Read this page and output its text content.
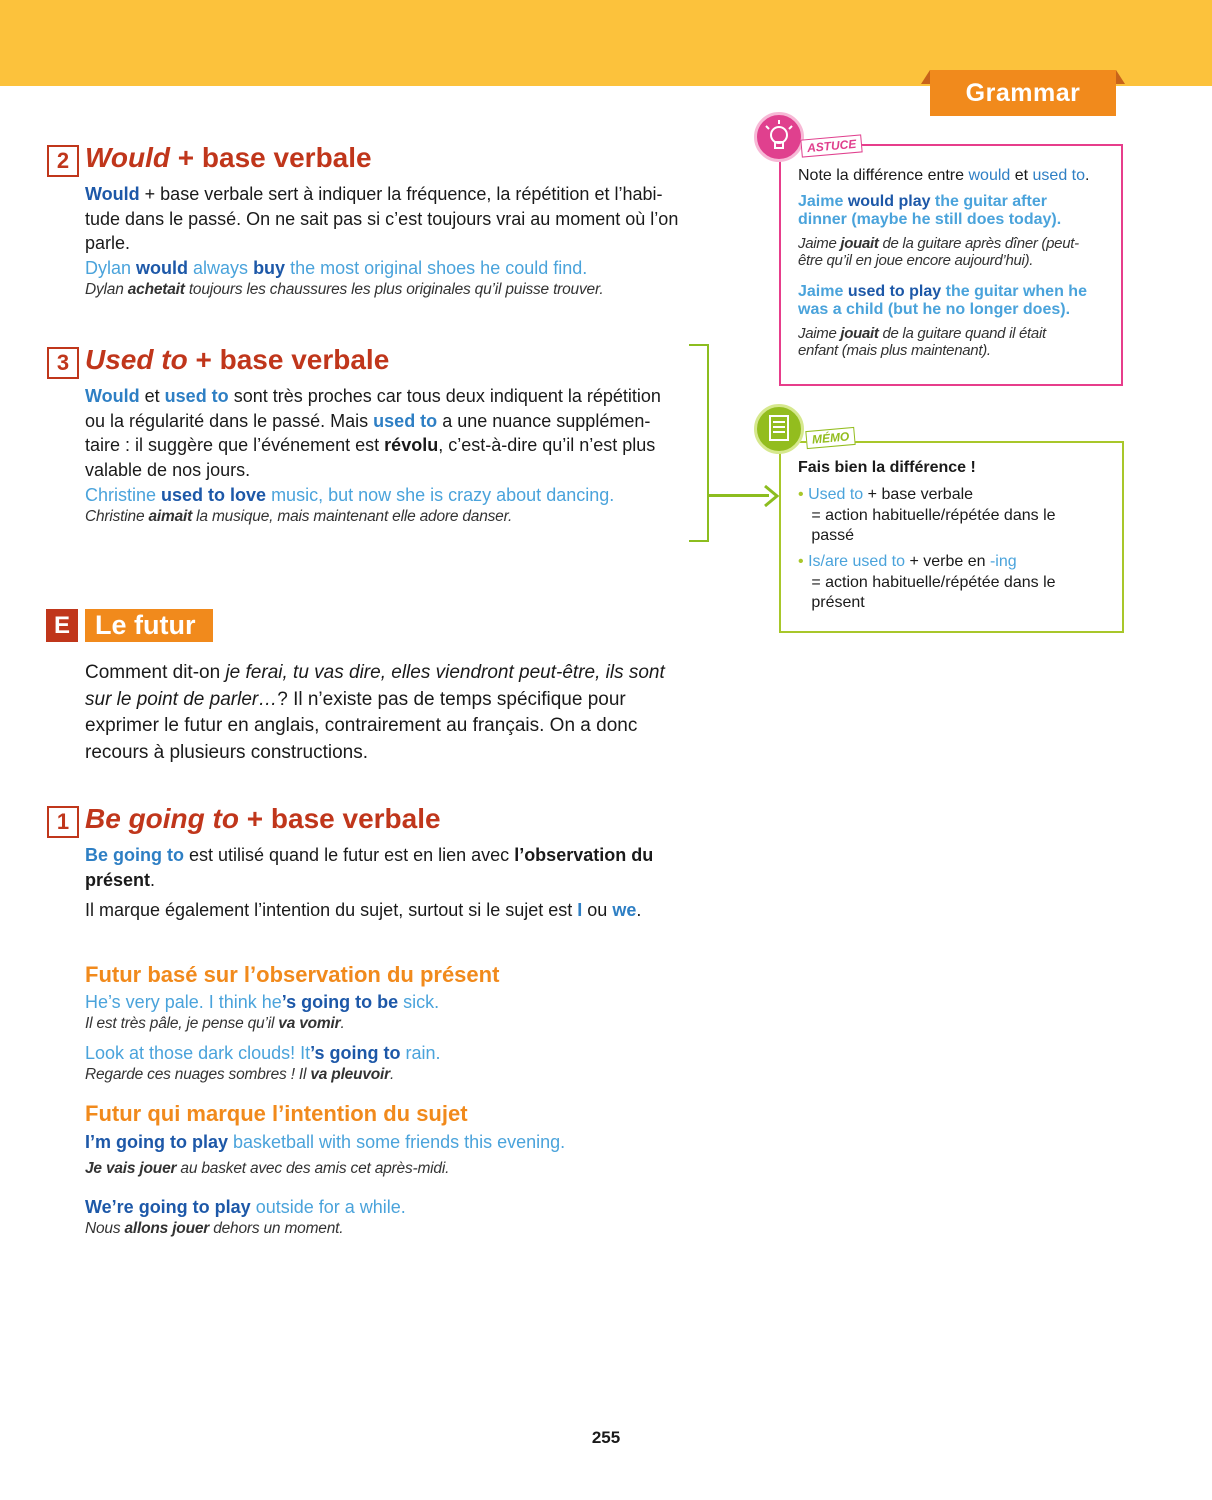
Grammar
2 Would + base verbale
Would + base verbale sert à indiquer la fréquence, la répétition et l’habi-
tude dans le passé. On ne sait pas si c’est toujours vrai au moment où l’on
parle.
Dylan would always buy the most original shoes he could find.
Dylan achetait toujours les chaussures les plus originales qu’il puisse trouver.
3 Used to + base verbale
Would et used to sont très proches car tous deux indiquent la répétition
ou la régularité dans le passé. Mais used to a une nuance supplémen-
taire : il suggère que l’événement est révolu, c’est-à-dire qu’il n’est plus
valable de nos jours.
Christine used to love music, but now she is crazy about dancing.
Christine aimait la musique, mais maintenant elle adore danser.
E Le futur
Comment dit-on je ferai, tu vas dire, elles viendront peut-être, ils sont
sur le point de parler…? Il n’existe pas de temps spécifique pour
exprimer le futur en anglais, contrairement au français. On a donc
recours à plusieurs constructions.
1 Be going to + base verbale
Be going to est utilisé quand le futur est en lien avec l’observation du
présent.
Il marque également l’intention du sujet, surtout si le sujet est I ou we.
Futur basé sur l’observation du présent
He’s very pale. I think he’s going to be sick.
Il est très pâle, je pense qu’il va vomir.
Look at those dark clouds! It’s going to rain.
Regarde ces nuages sombres ! Il va pleuvoir.
Futur qui marque l’intention du sujet
I’m going to play basketball with some friends this evening.
Je vais jouer au basket avec des amis cet après-midi.
We’re going to play outside for a while.
Nous allons jouer dehors un moment.
ASTUCE
Note la différence entre would et used to.
Jaime would play the guitar after
dinner (maybe he still does today).
Jaime jouait de la guitare après dîner (peut-
être qu’il en joue encore aujourd’hui).
Jaime used to play the guitar when he
was a child (but he no longer does).
Jaime jouait de la guitare quand il était
enfant (mais plus maintenant).
MÉMO
Fais bien la différence !
• Used to + base verbale
= action habituelle/répétée dans le
passé
• Is/are used to + verbe en -ing
= action habituelle/répétée dans le
présent
255
